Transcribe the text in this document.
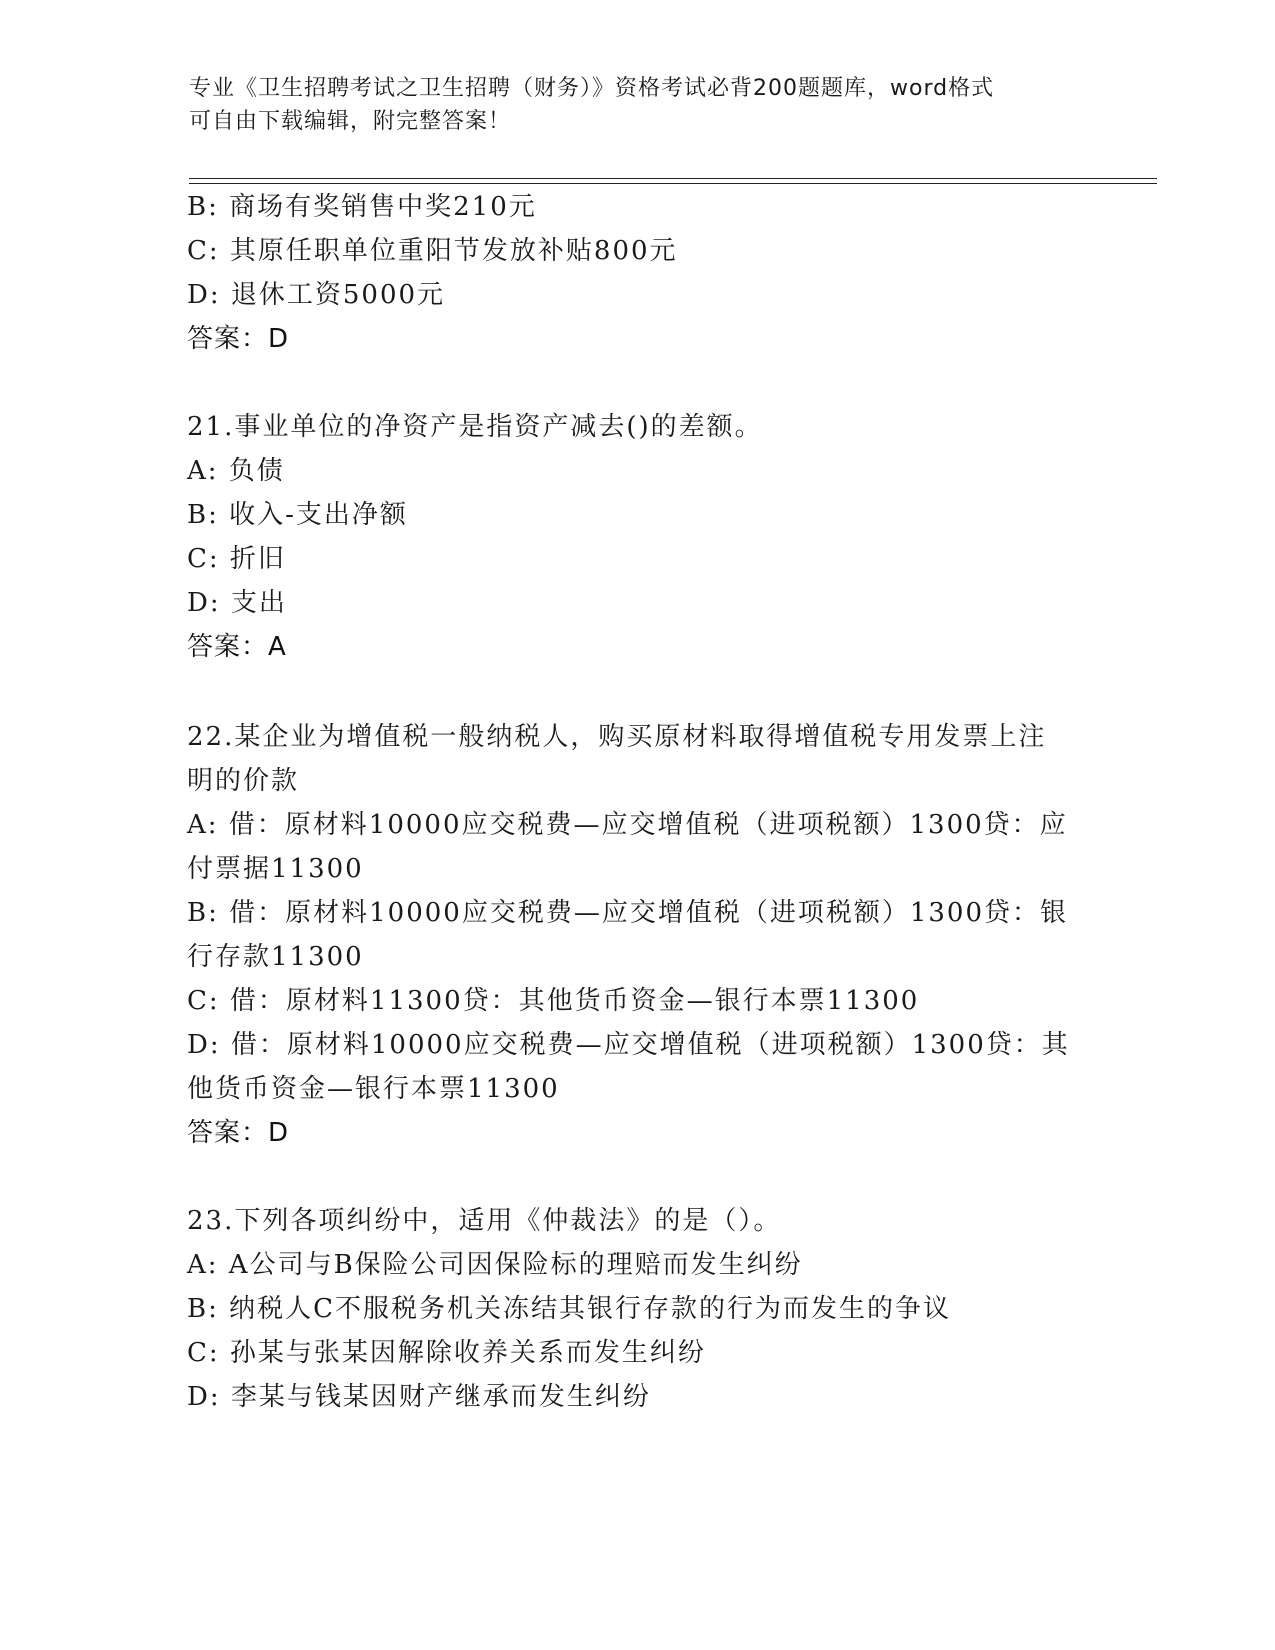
专业《卫生招聘考试之卫生招聘（财务）》资格考试必背200题题库，word格式
可自由下载编辑，附完整答案！
B: 商场有奖销售中奖210元
C: 其原任职单位重阳节发放补贴800元
D: 退休工资5000元
答案：D
21.事业单位的净资产是指资产减去()的差额。
A: 负债
B: 收入-支出净额
C: 折旧
D: 支出
答案：A
22.某企业为增值税一般纳税人，购买原材料取得增值税专用发票上注
明的价款
A: 借：原材料10000应交税费—应交增值税（进项税额）1300贷：应
付票据11300
B: 借：原材料10000应交税费—应交增值税（进项税额）1300贷：银
行存款11300
C: 借：原材料11300贷：其他货币资金—银行本票11300
D: 借：原材料10000应交税费—应交增值税（进项税额）1300贷：其
他货币资金—银行本票11300
答案：D
23.下列各项纠纷中，适用《仲裁法》的是（）。
A: A公司与B保险公司因保险标的理赔而发生纠纷
B: 纳税人C不服税务机关冻结其银行存款的行为而发生的争议
C: 孙某与张某因解除收养关系而发生纠纷
D: 李某与钱某因财产继承而发生纠纷
